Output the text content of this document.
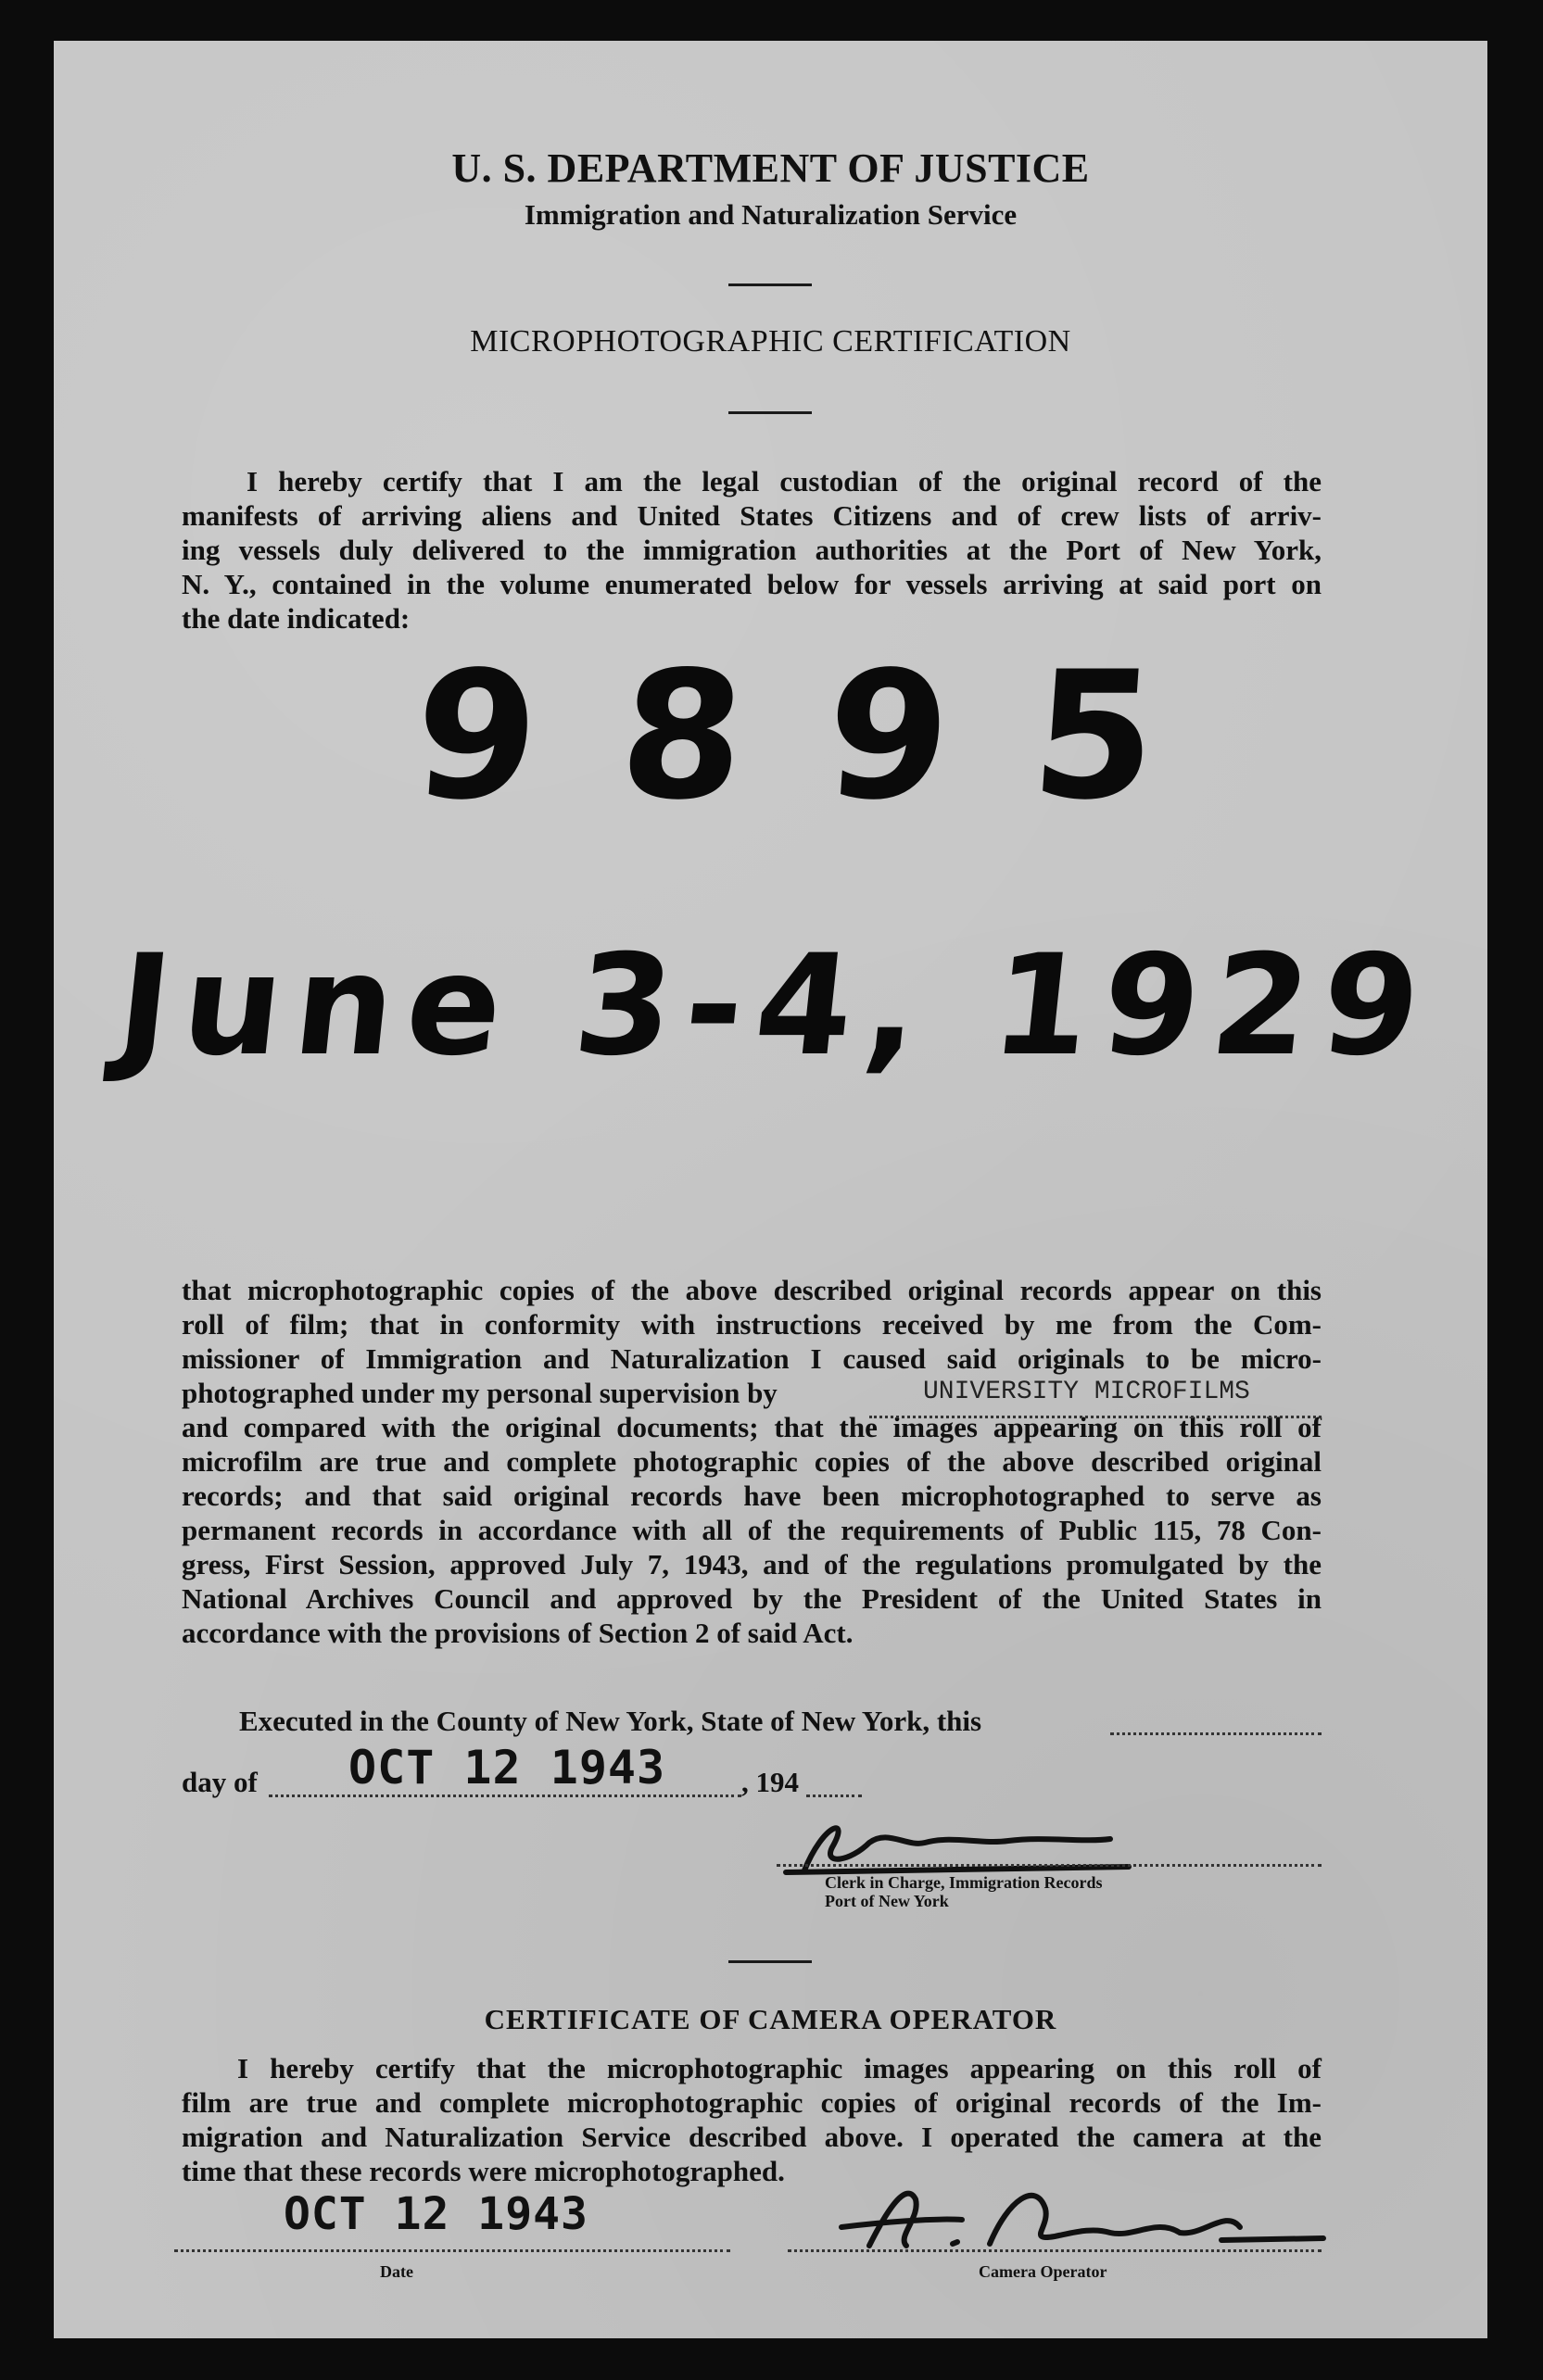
U. S. DEPARTMENT OF JUSTICE
Immigration and Naturalization Service
MICROPHOTOGRAPHIC CERTIFICATION

I hereby certify that I am the legal custodian of the original record of the

manifests of arriving aliens and United States Citizens and of crew lists of arriv-

ing vessels duly delivered to the immigration authorities at the Port of New York,

N. Y., contained in the volume enumerated below for vessels arriving at said port on

the date indicated:

9895
June 3-4, 1929

that microphotographic copies of the above described original records appear on this

roll of film; that in conformity with instructions received by me from the Com-

missioner of Immigration and Naturalization I caused said originals to be micro-

photographed under my personal supervision by

and compared with the original documents; that the images appearing on this roll of

microfilm are true and complete photographic copies of the above described original

records; and that said original records have been microphotographed to serve as

permanent records in accordance with all of the requirements of Public 115, 78 Con-

gress, First Session, approved July 7, 1943, and of the regulations promulgated by the

National Archives Council and approved by the President of the United States in

accordance with the provisions of Section 2 of said Act.

UNIVERSITY MICROFILMS
Executed in the County of New York, State of New York, this
day of OCT 12 1943	, 194
Clerk in Charge, Immigration Records
Port of New York
CERTIFICATE OF CAMERA OPERATOR

I hereby certify that the microphotographic images appearing on this roll of

film are true and complete microphotographic copies of original records of the Im-

migration and Naturalization Service described above. I operated the camera at the

time that these records were microphotographed.

OCT 12 1943
Date	Camera Operator
